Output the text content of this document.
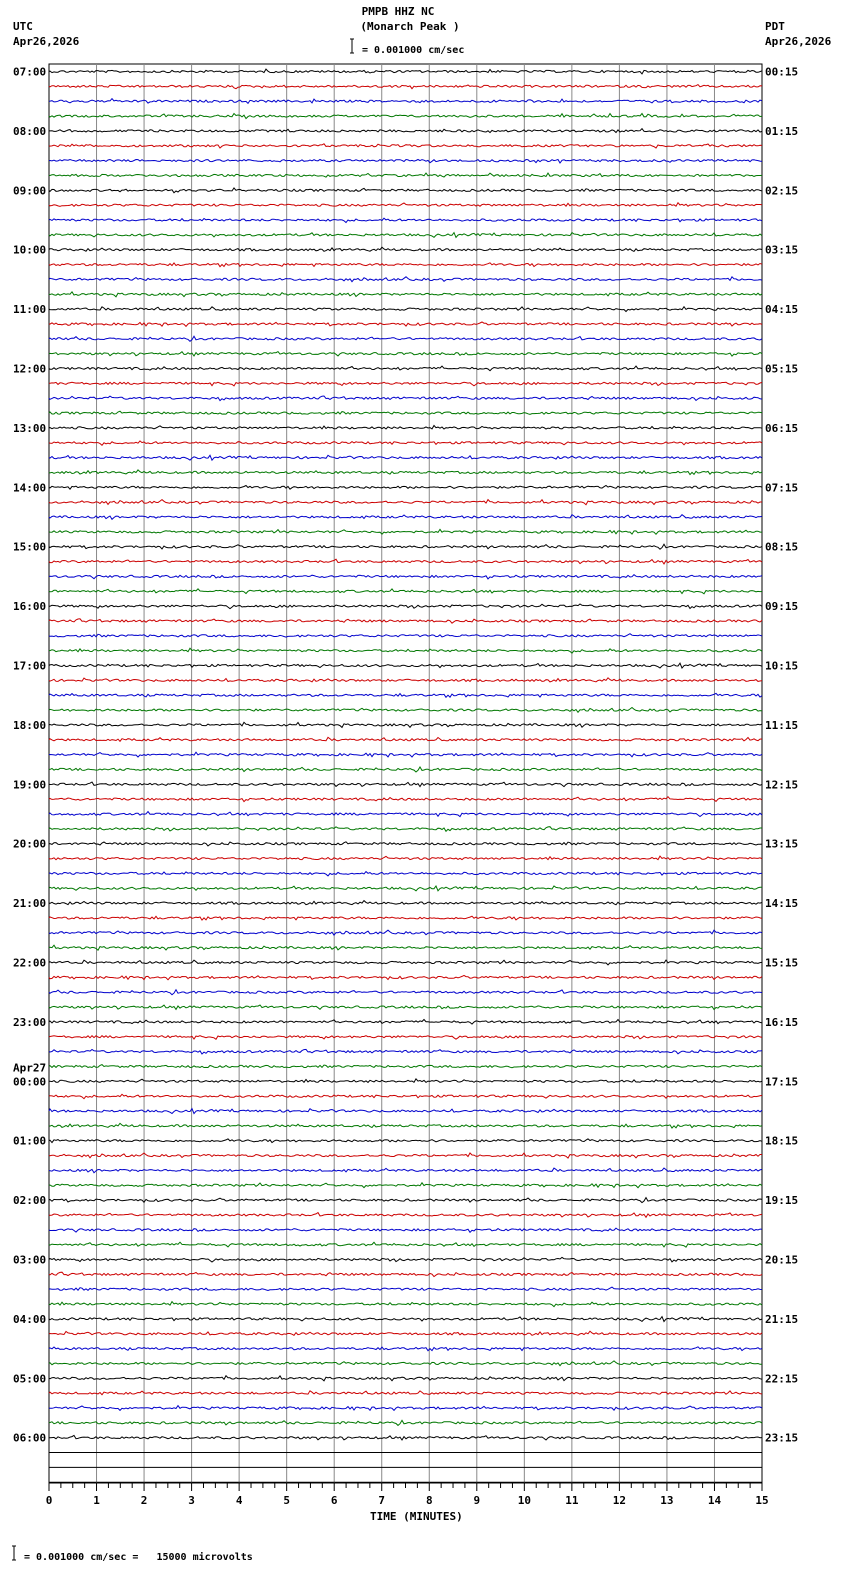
PMPB HHZ NC
(Monarch Peak )
= 0.001000 cm/sec
UTC
Apr26,2026
PDT
Apr26,2026
07:00
08:00
09:00
10:00
11:00
12:00
13:00
14:00
15:00
16:00
17:00
18:00
19:00
20:00
21:00
22:00
23:00
00:00
01:00
02:00
03:00
04:00
05:00
06:00
00:15
01:15
02:15
03:15
04:15
05:15
06:15
07:15
08:15
09:15
10:15
11:15
12:15
13:15
14:15
15:15
16:15
17:15
18:15
19:15
20:15
21:15
22:15
23:15
Apr27
0	1	2	3	4	5	6	7	8	9	10	11	12	13	14	15
TIME (MINUTES)
= 0.001000 cm/sec =   15000 microvolts
